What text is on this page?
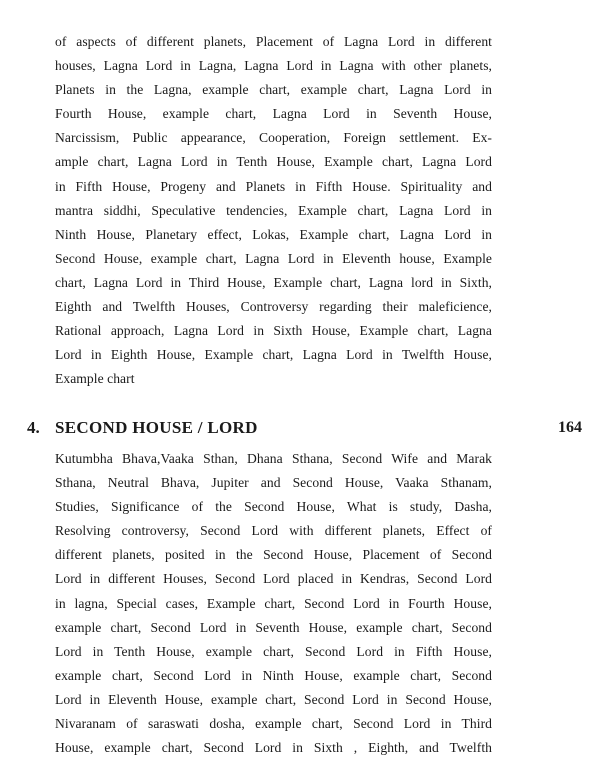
of aspects of different planets, Placement of Lagna Lord in different
houses, Lagna Lord in Lagna, Lagna Lord in Lagna with other planets,
Planets in the Lagna, example chart, example chart, Lagna Lord in
Fourth House, example chart, Lagna Lord in Seventh House,
Narcissism, Public appearance, Cooperation, Foreign settlement. Ex-
ample chart, Lagna Lord in Tenth House, Example chart, Lagna Lord
in Fifth House, Progeny and Planets in Fifth House. Spirituality and
mantra siddhi, Speculative tendencies, Example chart, Lagna Lord in
Ninth House, Planetary effect, Lokas, Example chart, Lagna Lord in
Second House, example chart, Lagna Lord in Eleventh house, Example
chart, Lagna Lord in Third House, Example chart, Lagna lord in Sixth,
Eighth and Twelfth Houses, Controversy regarding their maleficience,
Rational approach, Lagna Lord in Sixth House, Example chart, Lagna
Lord in Eighth House, Example chart, Lagna Lord in Twelfth House,
Example chart
4. SECOND HOUSE / LORD	164
Kutumbha Bhava,Vaaka Sthan, Dhana Sthana, Second Wife and Marak
Sthana, Neutral Bhava, Jupiter and Second House, Vaaka Sthanam,
Studies, Significance of the Second House, What is study, Dasha,
Resolving controversy, Second Lord with different planets, Effect of
different planets, posited in the Second House, Placement of Second
Lord in different Houses, Second Lord placed in Kendras, Second Lord
in lagna, Special cases, Example chart, Second Lord in Fourth House,
example chart, Second Lord in Seventh House, example chart, Second
Lord in Tenth House, example chart, Second Lord in Fifth House,
example chart, Second Lord in Ninth House, example chart, Second
Lord in Eleventh House, example chart, Second Lord in Second House,
Nivaranam of saraswati dosha, example chart, Second Lord in Third
House, example chart, Second Lord in Sixth , Eighth, and Twelfth
